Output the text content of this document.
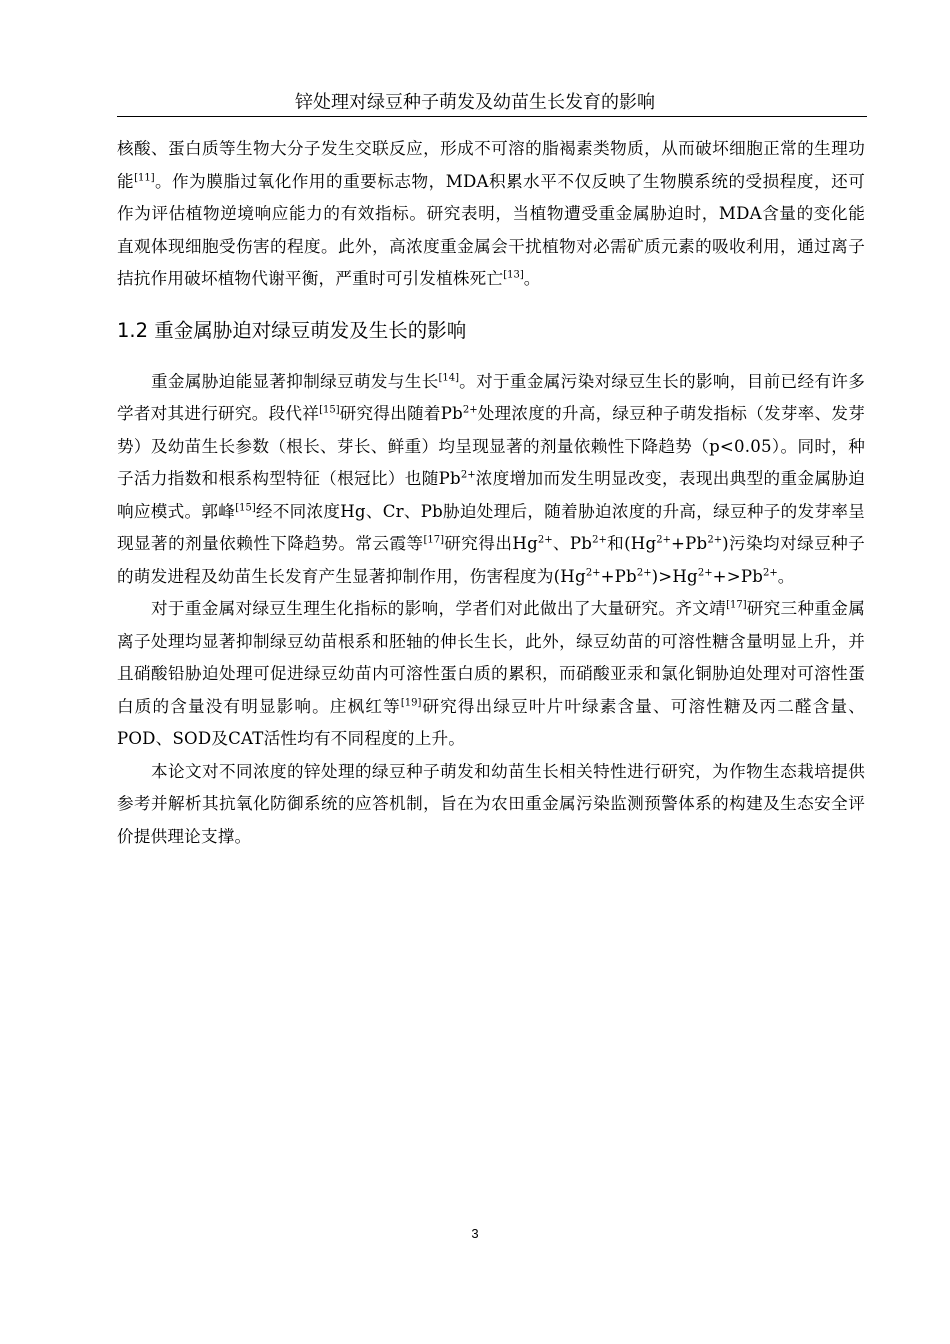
锌处理对绿豆种子萌发及幼苗生长发育的影响

核酸、蛋白质等生物大分子发生交联反应，形成不可溶的脂褐素类物质，从而破坏细胞正常的生理功能[11]。作为膜脂过氧化作用的重要标志物，MDA积累水平不仅反映了生物膜系统的受损程度，还可作为评估植物逆境响应能力的有效指标。研究表明，当植物遭受重金属胁迫时，MDA含量的变化能直观体现细胞受伤害的程度。此外，高浓度重金属会干扰植物对必需矿质元素的吸收利用，通过离子拮抗作用破坏植物代谢平衡，严重时可引发植株死亡[13]。

1.2 重金属胁迫对绿豆萌发及生长的影响

重金属胁迫能显著抑制绿豆萌发与生长[14]。对于重金属污染对绿豆生长的影响，目前已经有许多学者对其进行研究。段代祥[15]研究得出随着$Pb^{2+}$处理浓度的升高，绿豆种子萌发指标（发芽率、发芽势）及幼苗生长参数（根长、芽长、鲜重）均呈现显著的剂量依赖性下降趋势（p<0.05）。同时，种子活力指数和根系构型特征（根冠比）也随$Pb^{2+}$浓度增加而发生明显改变，表现出典型的重金属胁迫响应模式。郭峰[15]经不同浓度Hg、Cr、Pb胁迫处理后，随着胁迫浓度的升高，绿豆种子的发芽率呈现显著的剂量依赖性下降趋势。常云霞等[17]研究得出$Hg^{2+}$、$Pb^{2+}$和$(Hg^{2+}+Pb^{2+})$污染均对绿豆种子的萌发进程及幼苗生长发育产生显著抑制作用，伤害程度为$(Hg^{2+}+Pb^{2+})>Hg^{2+}+>Pb^{2+}$。

对于重金属对绿豆生理生化指标的影响，学者们对此做出了大量研究。齐文靖[17]研究三种重金属离子处理均显著抑制绿豆幼苗根系和胚轴的伸长生长，此外，绿豆幼苗的可溶性糖含量明显上升，并且硝酸铅胁迫处理可促进绿豆幼苗内可溶性蛋白质的累积，而硝酸亚汞和氯化铜胁迫处理对可溶性蛋白质的含量没有明显影响。庄枫红等[19]研究得出绿豆叶片叶绿素含量、可溶性糖及丙二醛含量、POD、SOD及CAT活性均有不同程度的上升。

本论文对不同浓度的锌处理的绿豆种子萌发和幼苗生长相关特性进行研究，为作物生态栽培提供参考并解析其抗氧化防御系统的应答机制，旨在为农田重金属污染监测预警体系的构建及生态安全评价提供理论支撑。

3
